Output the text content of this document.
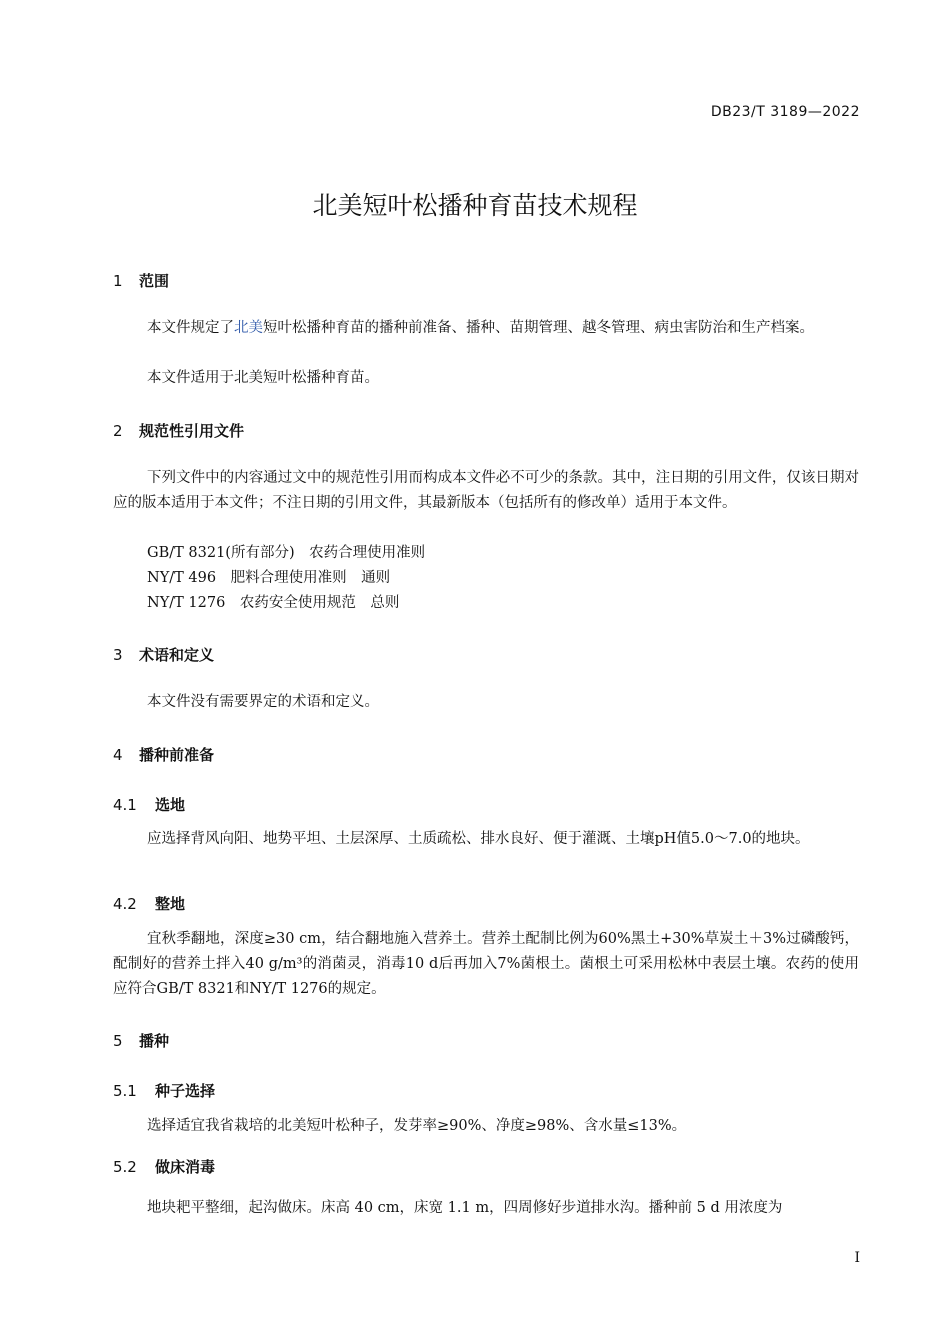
DB23/T 3189—2022
北美短叶松播种育苗技术规程
1 范围

本文件规定了北美短叶松播种育苗的播种前准备、播种、苗期管理、越冬管理、病虫害防治和生产档案。

本文件适用于北美短叶松播种育苗。

2 规范性引用文件

下列文件中的内容通过文中的规范性引用而构成本文件必不可少的条款。其中，注日期的引用文件，仅该日期对应的版本适用于本文件；不注日期的引用文件，其最新版本（包括所有的修改单）适用于本文件。

GB/T 8321(所有部分)　农药合理使用准则
NY/T 496　肥料合理使用准则　通则
NY/T 1276　农药安全使用规范　总则
3 术语和定义

本文件没有需要界定的术语和定义。

4 播种前准备
4.1 选地

应选择背风向阳、地势平坦、土层深厚、土质疏松、排水良好、便于灌溉、土壤pH值5.0～7.0的地块。

4.2 整地

宜秋季翻地，深度≥30 cm，结合翻地施入营养土。营养土配制比例为60%黑土+30%草炭土＋3%过磷酸钙，配制好的营养土拌入40 g/m³的消菌灵，消毒10 d后再加入7%菌根土。菌根土可采用松林中表层土壤。农药的使用应符合GB/T 8321和NY/T 1276的规定。

5 播种
5.1 种子选择

选择适宜我省栽培的北美短叶松种子，发芽率≥90%、净度≥98%、含水量≤13%。

5.2 做床消毒

地块耙平整细，起沟做床。床高 40 cm，床宽 1.1 m，四周修好步道排水沟。播种前 5 d 用浓度为

I
